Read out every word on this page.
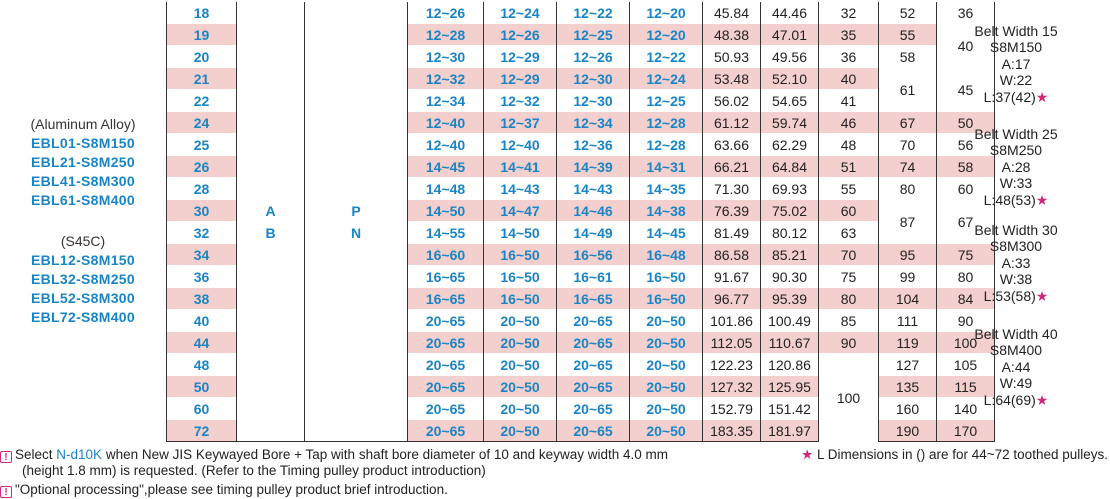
(Aluminum Alloy)
EBL01-S8M150
EBL21-S8M250
EBL41-S8M300
EBL61-S8M400
(S45C)
EBL12-S8M150
EBL32-S8M250
EBL52-S8M300
EBL72-S8M400
18			12~26	12~24	12~22	12~20	45.84	44.46	32	52	36
19			12~28	12~26	12~25	12~20	48.38	47.01	35	55	40
20			12~30	12~29	12~26	12~22	50.93	49.56	36	58	
21			12~32	12~29	12~30	12~24	53.48	52.10	40	61	45
22			12~34	12~32	12~30	12~25	56.02	54.65	41		
24			12~40	12~37	12~34	12~28	61.12	59.74	46	67	50
25			12~40	12~40	12~36	12~28	63.66	62.29	48	70	56
26			14~45	14~41	14~39	14~31	66.21	64.84	51	74	58
28			14~48	14~43	14~43	14~35	71.30	69.93	55	80	60
30	A	P	14~50	14~47	14~46	14~38	76.39	75.02	60	87	67
32	B	N	14~55	14~50	14~49	14~45	81.49	80.12	63		
34			16~60	16~50	16~56	16~48	86.58	85.21	70	95	75
36			16~65	16~50	16~61	16~50	91.67	90.30	75	99	80
38			16~65	16~50	16~65	16~50	96.77	95.39	80	104	84
40			20~65	20~50	20~65	20~50	101.86	100.49	85	111	90
44			20~65	20~50	20~65	20~50	112.05	110.67	90	119	100
48			20~65	20~50	20~65	20~50	122.23	120.86	100	127	105
50			20~65	20~50	20~65	20~50	127.32	125.95		135	115
60			20~65	20~50	20~65	20~50	152.79	151.42		160	140
72			20~65	20~50	20~65	20~50	183.35	181.97		190	170
Belt Width 15
S8M150
A:17
W:22
L:37(42)★
Belt Width 25
S8M250
A:28
W:33
L:48(53)★
Belt Width 30
S8M300
A:33
W:38
L:53(58)★
Belt Width 40
S8M400
A:44
W:49
L:64(69)★
! Select N-d10K when New JIS Keywayed Bore + Tap with shaft bore diameter of 10 and keyway width 4.0 mm
(height 1.8 mm) is requested. (Refer to the Timing pulley product introduction)
! "Optional processing",please see timing pulley product brief introduction.
★ L Dimensions in () are for 44~72 toothed pulleys.
